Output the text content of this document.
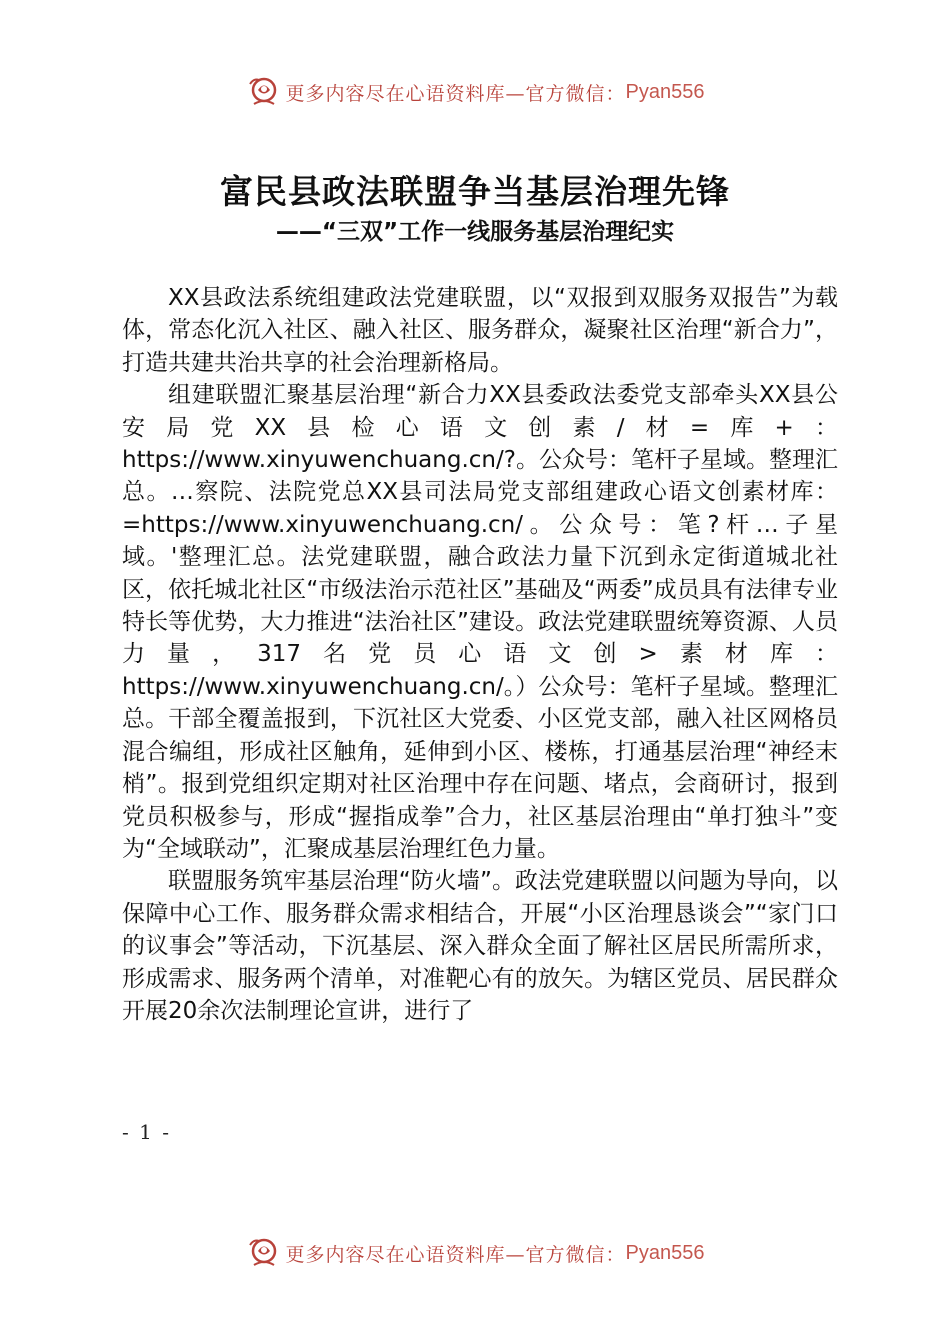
更多内容尽在心语资料库—官方微信： Pyan556
富民县政法联盟争当基层治理先锋
——“三双”工作一线服务基层治理纪实

XX县政法系统组建政法党建联盟，以“双报到双服务双报告”为载体，常态化沉入社区、融入社区、服务群众，凝聚社区治理“新合力”，打造共建共治共享的社会治理新格局。

组建联盟汇聚基层治理“新合力XX县委政法委党支部牵头XX县公安局党XX县检心语文创素/材=库+：https://www.xinyuwenchuang.cn/?。公众号：笔杆子星域。整理汇总。…察院、法院党总XX县司法局党支部组建政心语文创素材库：=https://www.xinyuwenchuang.cn/。公众号：笔?杆…子星域。'整理汇总。法党建联盟，融合政法力量下沉到永定街道城北社区，依托城北社区“市级法治示范社区”基础及“两委”成员具有法律专业特长等优势，大力推进“法治社区”建设。政法党建联盟统筹资源、人员力量，317名党员心语文创>素材库：https://www.xinyuwenchuang.cn/。）公众号：笔杆子星域。整理汇总。干部全覆盖报到，下沉社区大党委、小区党支部，融入社区网格员混合编组，形成社区触角，延伸到小区、楼栋，打通基层治理“神经末梢”。报到党组织定期对社区治理中存在问题、堵点，会商研讨，报到党员积极参与，形成“握指成拳”合力，社区基层治理由“单打独斗”变为“全域联动”，汇聚成基层治理红色力量。

联盟服务筑牢基层治理“防火墙”。政法党建联盟以问题为导向，以保障中心工作、服务群众需求相结合，开展“小区治理恳谈会”“家门口的议事会”等活动，下沉基层、深入群众全面了解社区居民所需所求，形成需求、服务两个清单，对准靶心有的放矢。为辖区党员、居民群众开展20余次法制理论宣讲，进行了

- 1 -
更多内容尽在心语资料库—官方微信： Pyan556
